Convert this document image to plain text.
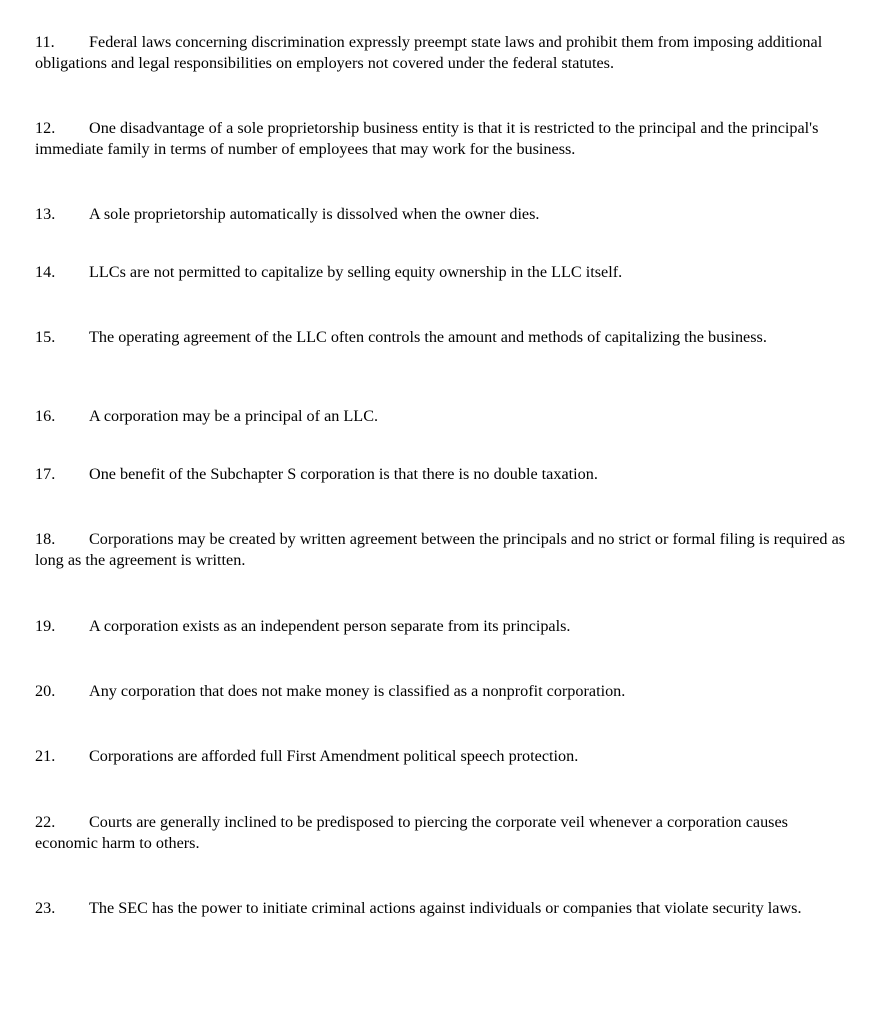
11. Federal laws concerning discrimination expressly preempt state laws and prohibit them from imposing additional obligations and legal responsibilities on employers not covered under the federal statutes.

12. One disadvantage of a sole proprietorship business entity is that it is restricted to the principal and the principal's immediate family in terms of number of employees that may work for the business.

13. A sole proprietorship automatically is dissolved when the owner dies.

14. LLCs are not permitted to capitalize by selling equity ownership in the LLC itself.

15. The operating agreement of the LLC often controls the amount and methods of capitalizing the business.

16. A corporation may be a principal of an LLC.

17. One benefit of the Subchapter S corporation is that there is no double taxation.

18. Corporations may be created by written agreement between the principals and no strict or formal filing is required as long as the agreement is written.

19. A corporation exists as an independent person separate from its principals.

20. Any corporation that does not make money is classified as a nonprofit corporation.

21. Corporations are afforded full First Amendment political speech protection.

22. Courts are generally inclined to be predisposed to piercing the corporate veil whenever a corporation causes economic harm to others.

23. The SEC has the power to initiate criminal actions against individuals or companies that violate security laws.
